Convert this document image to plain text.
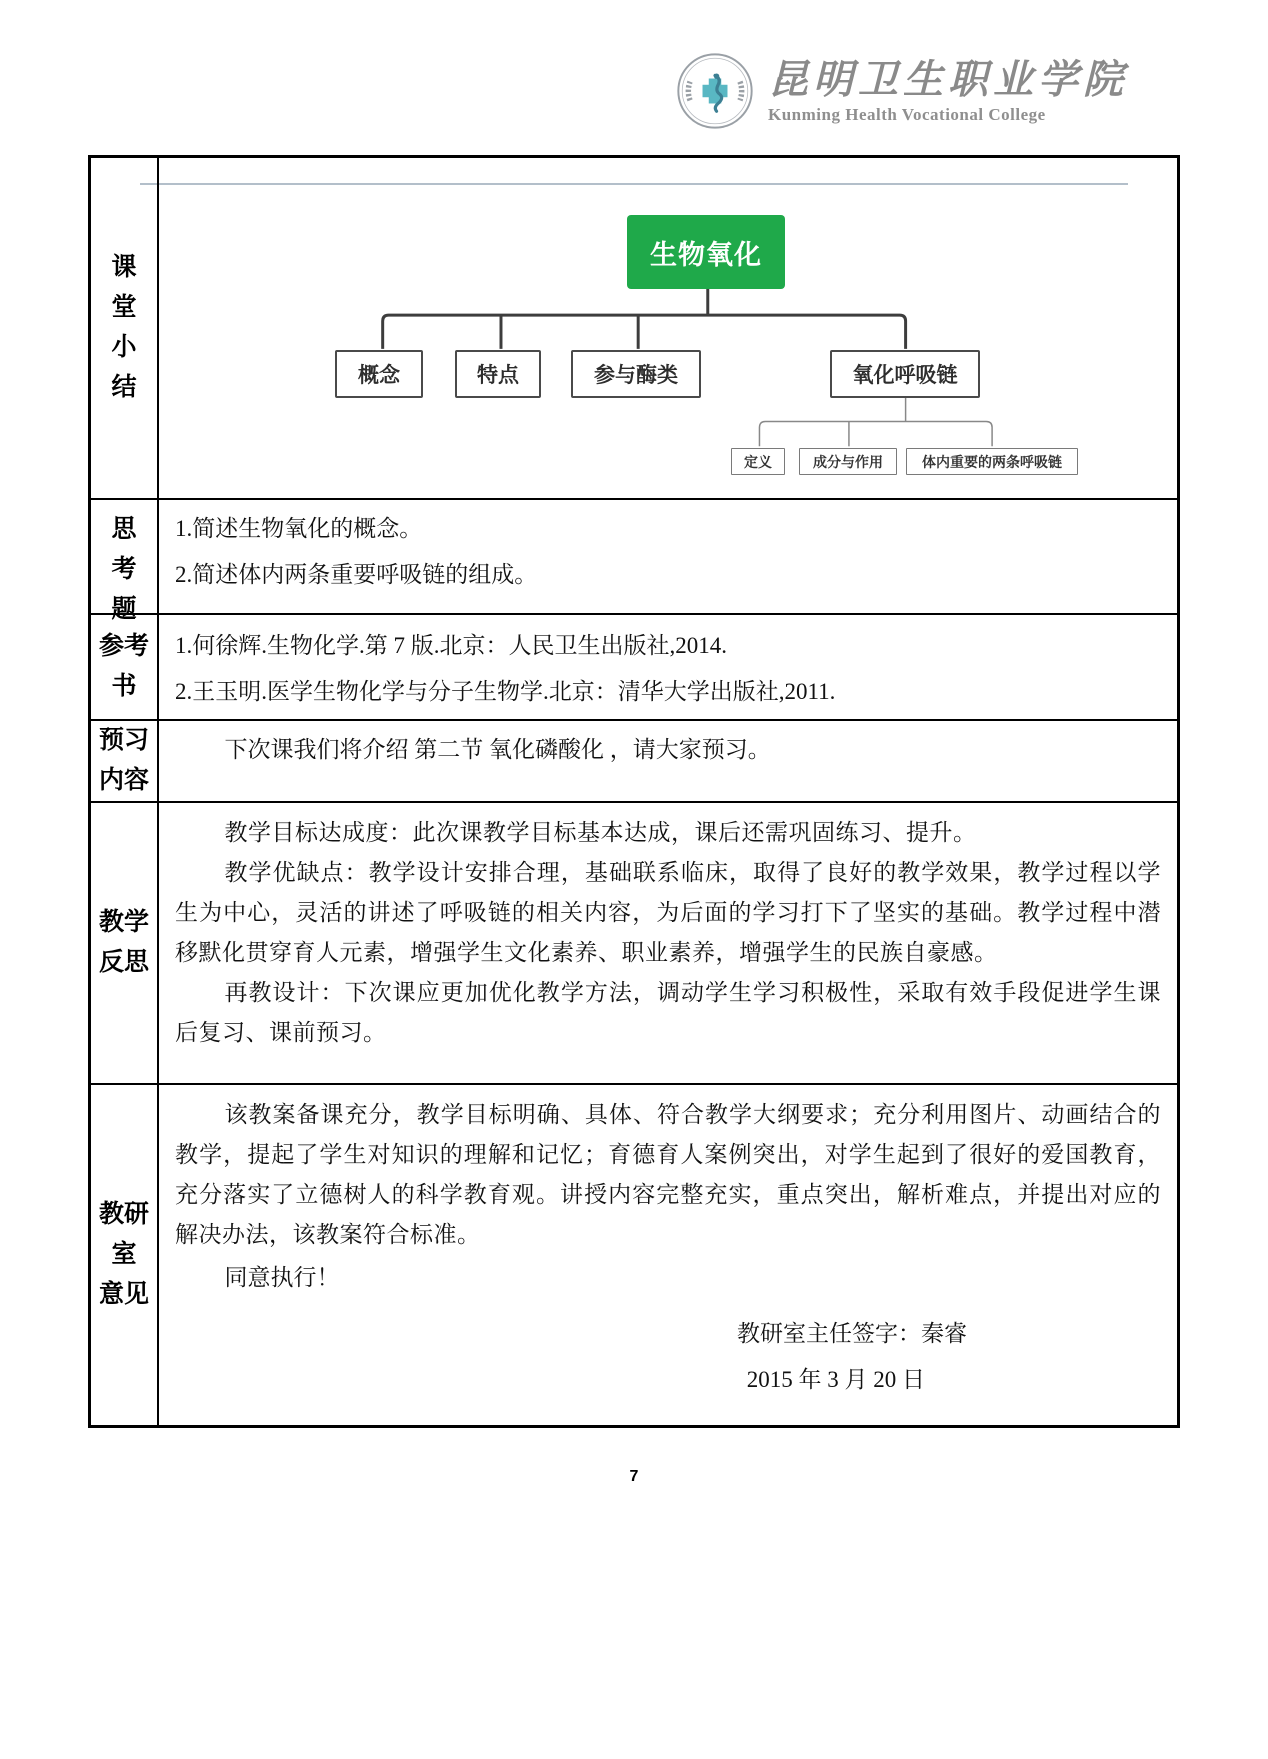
昆明卫生职业学院
Kunming Health Vocational College
课
堂
小
结
生物氧化
概念	特点	参与酶类	氧化呼吸链
定义	成分与作用	体内重要的两条呼吸链
思
考
题
1.简述生物氧化的概念。
2.简述体内两条重要呼吸链的组成。
参考
书
1.何徐辉.生物化学.第 7 版.北京：人民卫生出版社,2014.
2.王玉明.医学生物化学与分子生物学.北京：清华大学出版社,2011.
预习
内容
下次课我们将介绍 第二节 氧化磷酸化 ，请大家预习。
教学
反思
教学目标达成度：此次课教学目标基本达成，课后还需巩固练习、提升。
教学优缺点：教学设计安排合理，基础联系临床，取得了良好的教学效果，教学过程以学生为中心，灵活的讲述了呼吸链的相关内容，为后面的学习打下了坚实的基础。教学过程中潜移默化贯穿育人元素，增强学生文化素养、职业素养，增强学生的民族自豪感。
再教设计：下次课应更加优化教学方法，调动学生学习积极性，采取有效手段促进学生课后复习、课前预习。
教研
室
意见
该教案备课充分，教学目标明确、具体、符合教学大纲要求；充分利用图片、动画结合的教学，提起了学生对知识的理解和记忆；育德育人案例突出，对学生起到了很好的爱国教育，充分落实了立德树人的科学教育观。讲授内容完整充实，重点突出，解析难点，并提出对应的解决办法，该教案符合标准。
同意执行！
教研室主任签字：秦睿
2015 年 3 月 20 日
7
